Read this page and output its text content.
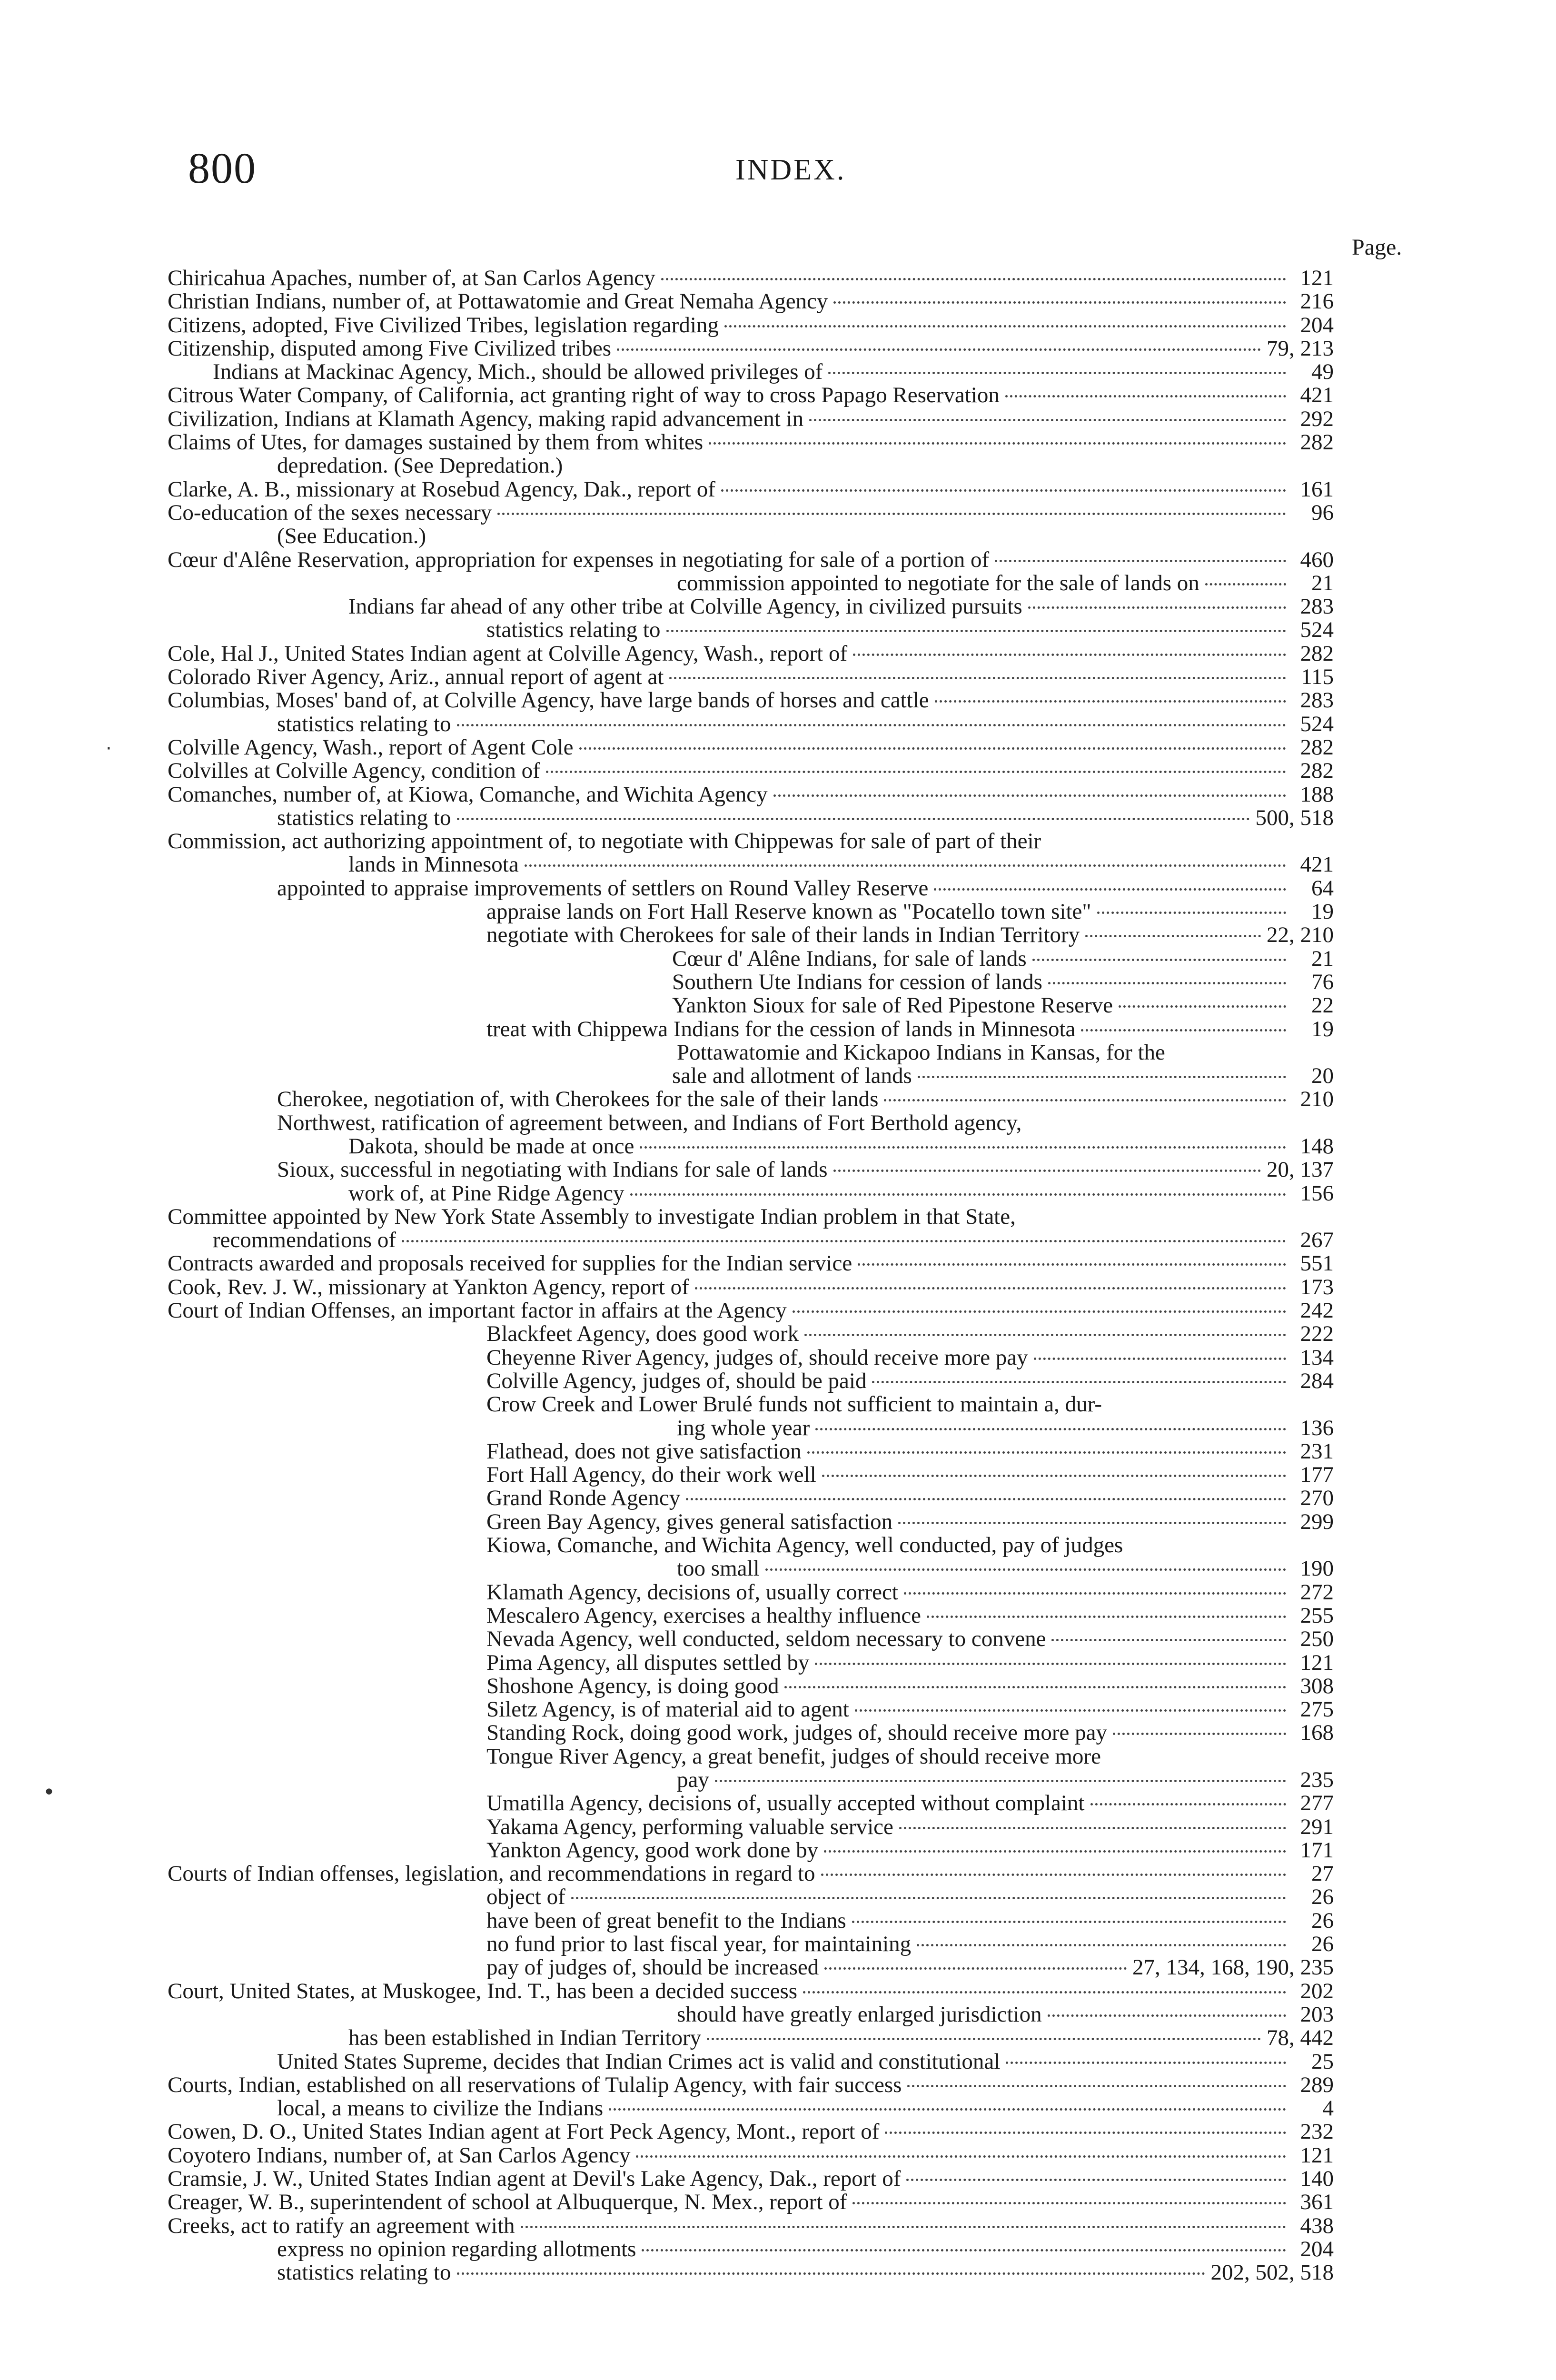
800	INDEX.
Page.
Chiricahua Apaches, number of, at San Carlos Agency	121
Christian Indians, number of, at Pottawatomie and Great Nemaha Agency	216
Citizens, adopted, Five Civilized Tribes, legislation regarding	204
Citizenship, disputed among Five Civilized tribes	79, 213
Indians at Mackinac Agency, Mich., should be allowed privileges of	49
Citrous Water Company, of California, act granting right of way to cross Papago Reservation	421
Civilization, Indians at Klamath Agency, making rapid advancement in	292
Claims of Utes, for damages sustained by them from whites	282
depredation. (See Depredation.)
Clarke, A. B., missionary at Rosebud Agency, Dak., report of	161
Co-education of the sexes necessary	96
(See Education.)
Cœur d'Alêne Reservation, appropriation for expenses in negotiating for sale of a portion of	460
commission appointed to negotiate for the sale of lands on	21
Indians far ahead of any other tribe at Colville Agency, in civilized pursuits	283
statistics relating to	524
Cole, Hal J., United States Indian agent at Colville Agency, Wash., report of	282
Colorado River Agency, Ariz., annual report of agent at	115
Columbias, Moses' band of, at Colville Agency, have large bands of horses and cattle	283
statistics relating to	524
Colville Agency, Wash., report of Agent Cole	282
Colvilles at Colville Agency, condition of	282
Comanches, number of, at Kiowa, Comanche, and Wichita Agency	188
statistics relating to	500, 518
Commission, act authorizing appointment of, to negotiate with Chippewas for sale of part of their
lands in Minnesota	421
appointed to appraise improvements of settlers on Round Valley Reserve	64
appraise lands on Fort Hall Reserve known as "Pocatello town site"	19
negotiate with Cherokees for sale of their lands in Indian Territory	22, 210
Cœur d' Alêne Indians, for sale of lands	21
Southern Ute Indians for cession of lands	76
Yankton Sioux for sale of Red Pipestone Reserve	22
treat with Chippewa Indians for the cession of lands in Minnesota	19
Pottawatomie and Kickapoo Indians in Kansas, for the
sale and allotment of lands	20
Cherokee, negotiation of, with Cherokees for the sale of their lands	210
Northwest, ratification of agreement between, and Indians of Fort Berthold agency,
Dakota, should be made at once	148
Sioux, successful in negotiating with Indians for sale of lands	20, 137
work of, at Pine Ridge Agency	156
Committee appointed by New York State Assembly to investigate Indian problem in that State,
recommendations of	267
Contracts awarded and proposals received for supplies for the Indian service	551
Cook, Rev. J. W., missionary at Yankton Agency, report of	173
Court of Indian Offenses, an important factor in affairs at the Agency	242
Blackfeet Agency, does good work	222
Cheyenne River Agency, judges of, should receive more pay	134
Colville Agency, judges of, should be paid	284
Crow Creek and Lower Brulé funds not sufficient to maintain a, dur-
ing whole year	136
Flathead, does not give satisfaction	231
Fort Hall Agency, do their work well	177
Grand Ronde Agency	270
Green Bay Agency, gives general satisfaction	299
Kiowa, Comanche, and Wichita Agency, well conducted, pay of judges
too small	190
Klamath Agency, decisions of, usually correct	272
Mescalero Agency, exercises a healthy influence	255
Nevada Agency, well conducted, seldom necessary to convene	250
Pima Agency, all disputes settled by	121
Shoshone Agency, is doing good	308
Siletz Agency, is of material aid to agent	275
Standing Rock, doing good work, judges of, should receive more pay	168
Tongue River Agency, a great benefit, judges of should receive more
pay	235
Umatilla Agency, decisions of, usually accepted without complaint	277
Yakama Agency, performing valuable service	291
Yankton Agency, good work done by	171
Courts of Indian offenses, legislation, and recommendations in regard to	27
object of	26
have been of great benefit to the Indians	26
no fund prior to last fiscal year, for maintaining	26
pay of judges of, should be increased	27, 134, 168, 190, 235
Court, United States, at Muskogee, Ind. T., has been a decided success	202
should have greatly enlarged jurisdiction	203
has been established in Indian Territory	78, 442
United States Supreme, decides that Indian Crimes act is valid and constitutional	25
Courts, Indian, established on all reservations of Tulalip Agency, with fair success	289
local, a means to civilize the Indians	4
Cowen, D. O., United States Indian agent at Fort Peck Agency, Mont., report of	232
Coyotero Indians, number of, at San Carlos Agency	121
Cramsie, J. W., United States Indian agent at Devil's Lake Agency, Dak., report of	140
Creager, W. B., superintendent of school at Albuquerque, N. Mex., report of	361
Creeks, act to ratify an agreement with	438
express no opinion regarding allotments	204
statistics relating to	202, 502, 518
·
•
